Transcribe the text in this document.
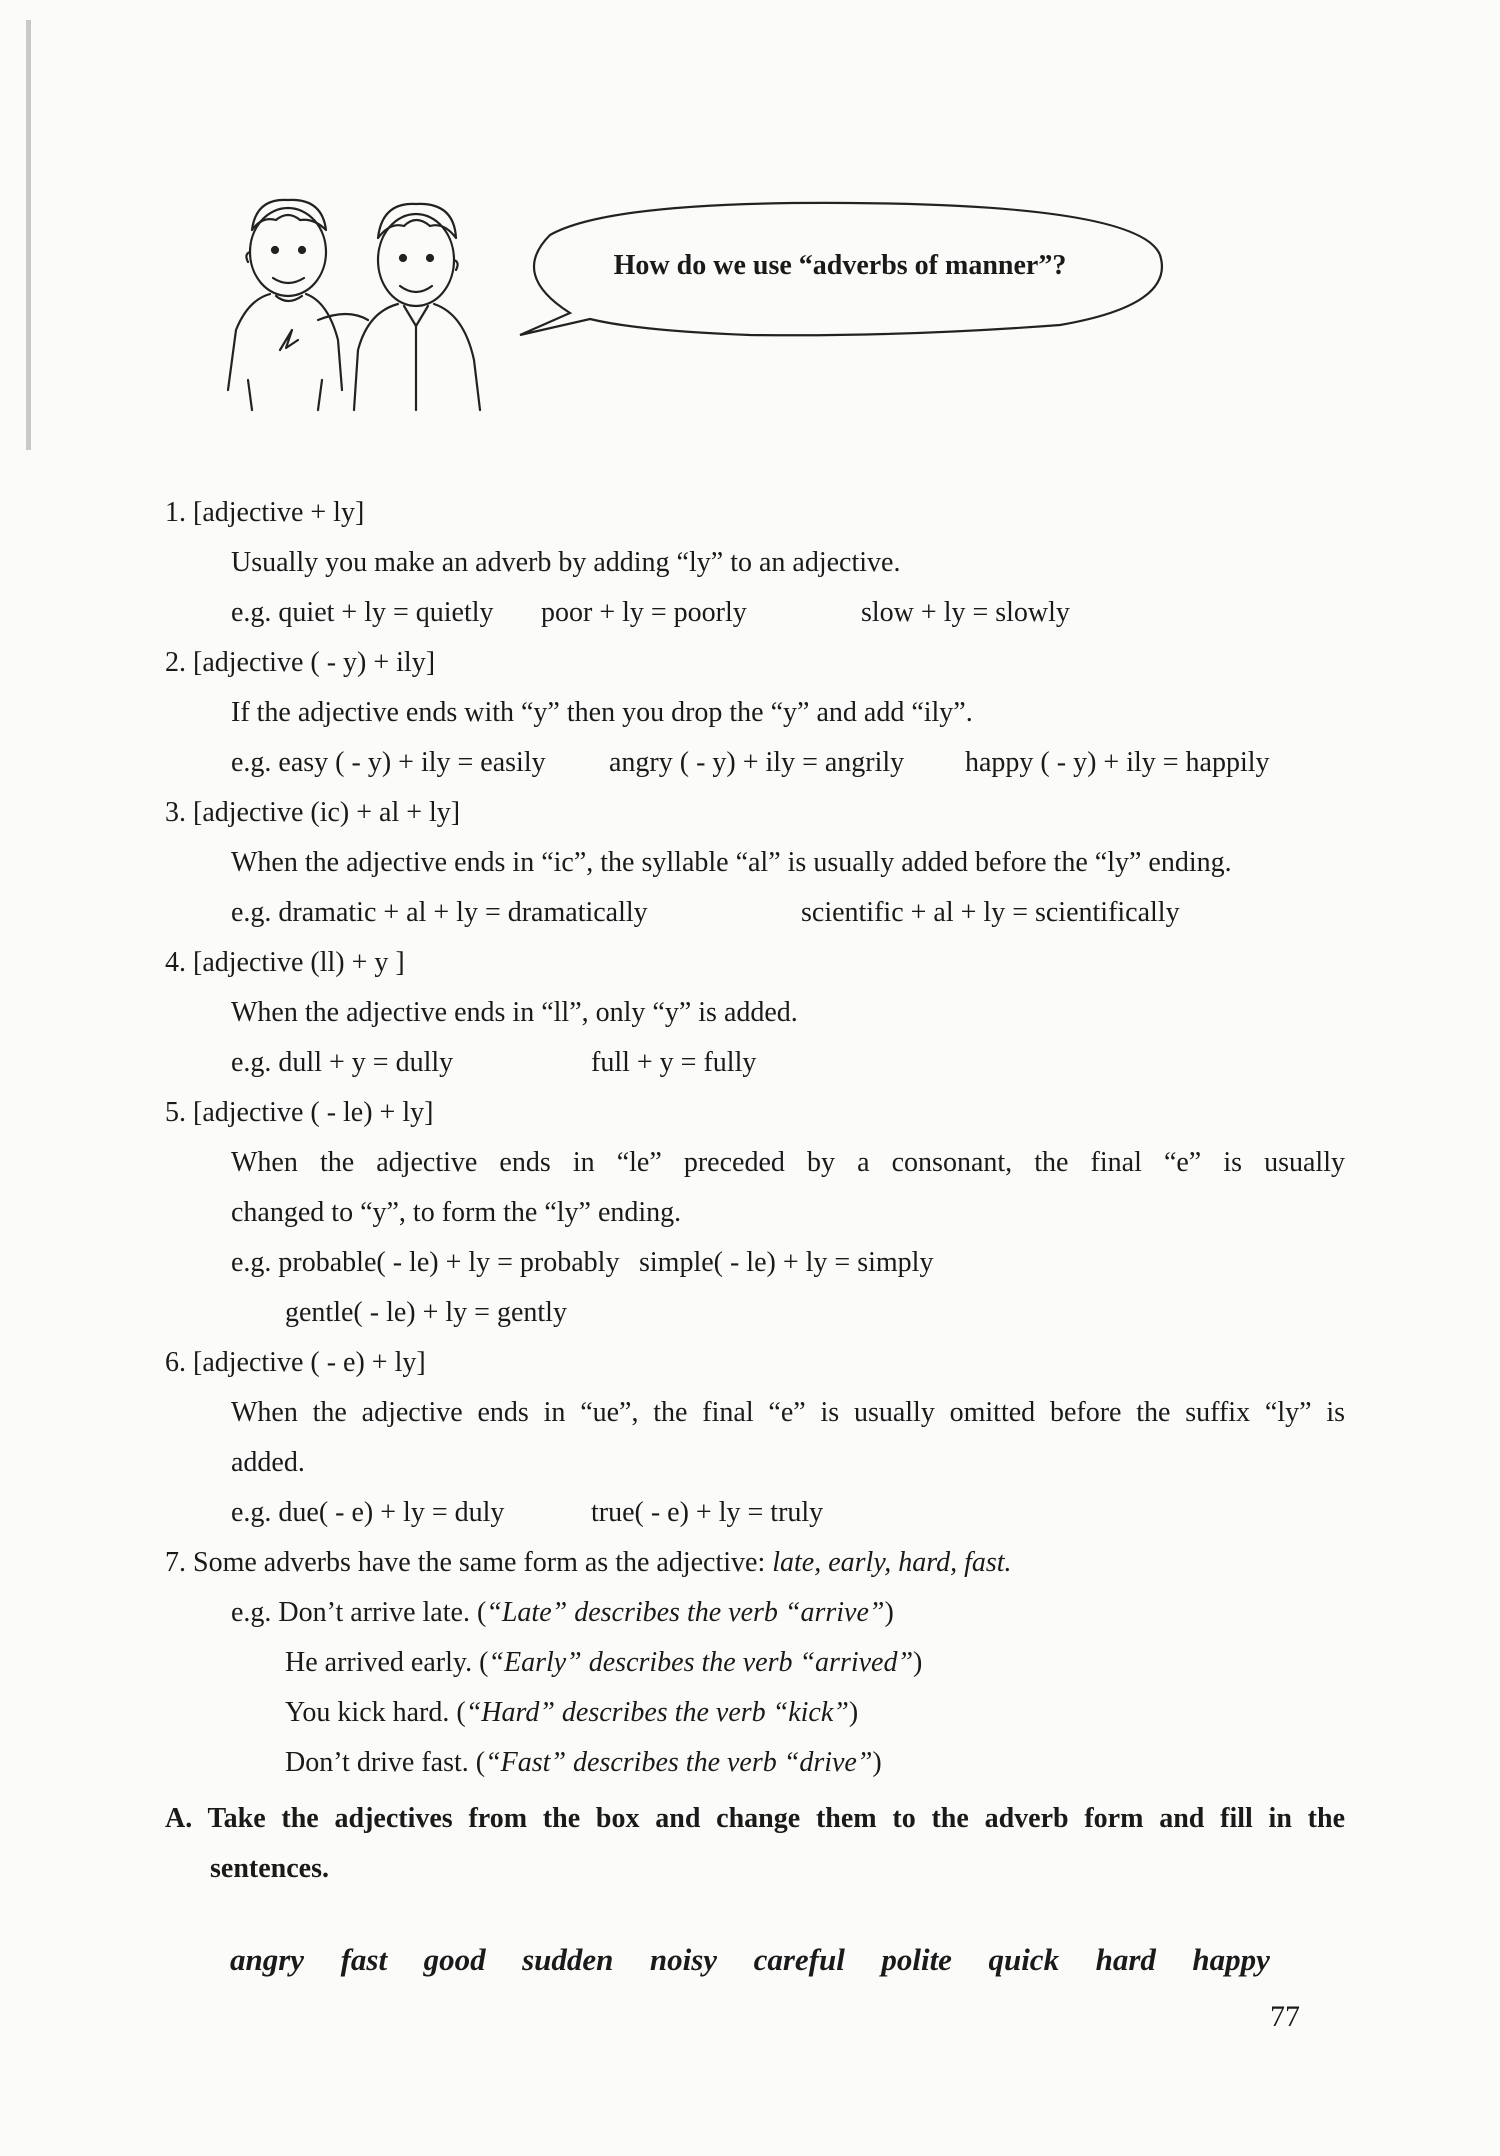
How do we use “adverbs of manner”?
1. [adjective + ly]
Usually you make an adverb by adding “ly” to an adjective.
e.g. quiet + ly = quietly poor + ly = poorly	slow + ly = slowly
2. [adjective ( - y) + ily]
If the adjective ends with “y” then you drop the “y” and add “ily”.
e.g. easy ( - y) + ily = easily angry ( - y) + ily = angrily happy ( - y) + ily = happily
3. [adjective (ic) + al + ly]
When the adjective ends in “ic”, the syllable “al” is usually added before the “ly” ending.
e.g. dramatic + al + ly = dramatically	scientific + al + ly = scientifically
4. [adjective (ll) + y ]
When the adjective ends in “ll”, only “y” is added.
e.g. dull + y = dully	full + y = fully
5. [adjective ( - le) + ly]
When the adjective ends in “le” preceded by a consonant, the final “e” is usually
changed to “y”, to form the “ly” ending.
e.g. probable( - le) + ly = probably simple( - le) + ly = simply
gentle( - le) + ly = gently
6. [adjective ( - e) + ly]
When the adjective ends in “ue”, the final “e” is usually omitted before the suffix “ly” is
added.
e.g. due( - e) + ly = duly	true( - e) + ly = truly
7. Some adverbs have the same form as the adjective: late, early, hard, fast.
e.g. Don’t arrive late. (“Late” describes the verb “arrive”)
He arrived early. (“Early” describes the verb “arrived”)
You kick hard. (“Hard” describes the verb “kick”)
Don’t drive fast. (“Fast” describes the verb “drive”)
A. Take the adjectives from the box and change them to the adverb form and fill in the
sentences.
angry fast good sudden noisy careful polite quick hard happy
77
